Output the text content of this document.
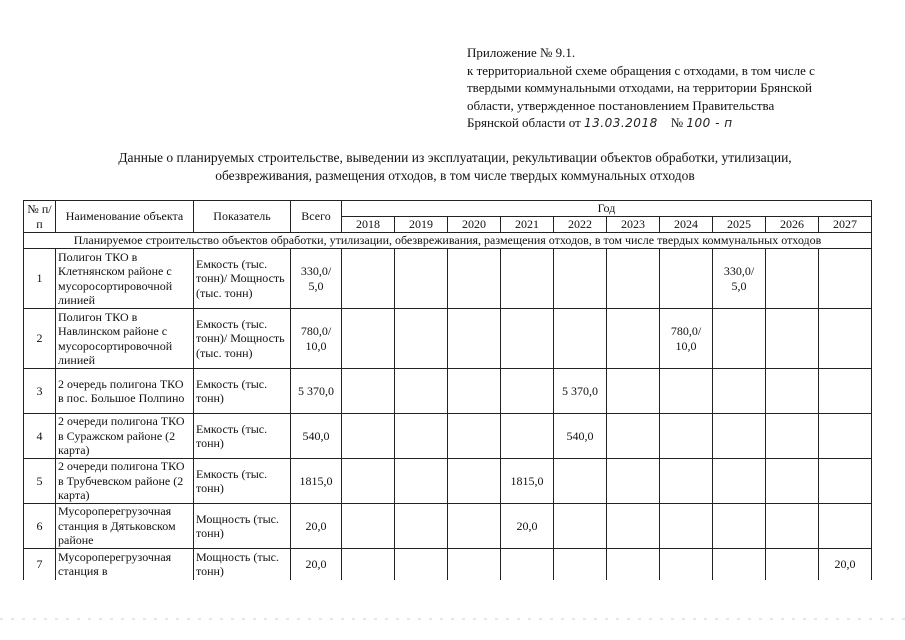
Приложение № 9.1.
к территориальной схеме обращения с отходами, в том числе с
твердыми коммунальными отходами, на территории Брянской
области, утвержденное постановлением Правительства
Брянской области от 13.03.2018 № 100 - п
Данные о планируемых строительстве, выведении из эксплуатации, рекультивации объектов обработки, утилизации,
обезвреживания, размещения отходов, в том числе твердых коммунальных отходов
№ п/п	Наименование объекта	Показатель	Всего	Год									
				2018	2019	2020	2021	2022	2023	2024	2025	2026	2027
Планируемое строительство объектов обработки, утилизации, обезвреживания, размещения отходов, в том числе твердых коммунальных отходов													
1	Полигон ТКО в Клетнянском районе с мусоросортировочной линией	Емкость (тыс. тонн)/ Мощность (тыс. тонн)	330,0/ 5,0								330,0/ 5,0		
2	Полигон ТКО в Навлинском районе с мусоросортировочной линией	Емкость (тыс. тонн)/ Мощность (тыс. тонн)	780,0/ 10,0							780,0/ 10,0			
3	2 очередь полигона ТКО в пос. Большое Полпино	Емкость (тыс. тонн)	5 370,0					5 370,0					
4	2 очереди полигона ТКО в Суражском районе (2 карта)	Емкость (тыс. тонн)	540,0					540,0					
5	2 очереди полигона ТКО в Трубчевском районе (2 карта)	Емкость (тыс. тонн)	1815,0				1815,0						
6	Мусороперегрузочная станция в Дятьковском районе	Мощность (тыс. тонн)	20,0				20,0						
7	Мусороперегрузочная станция в	Мощность (тыс. тонн)	20,0										20,0
